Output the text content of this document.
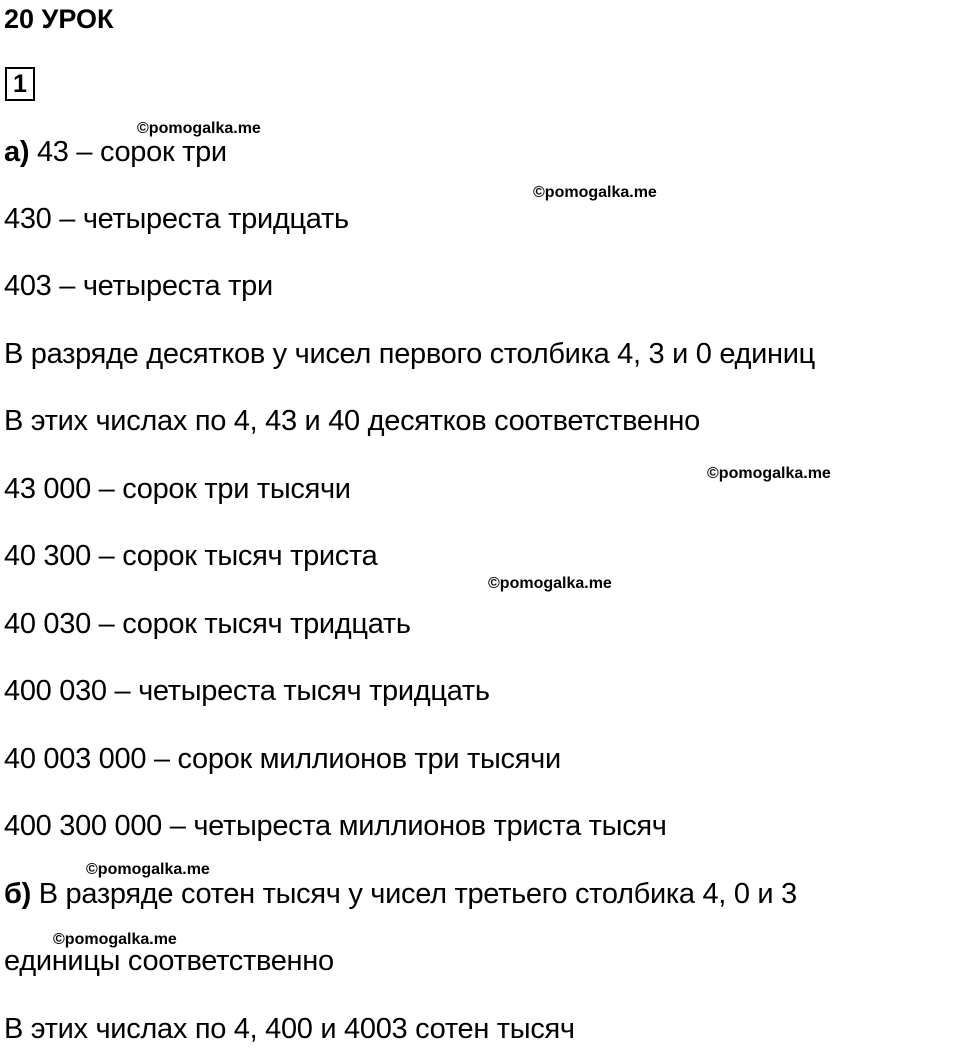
20 УРОК
1
а) 43 – сорок три
430 – четыреста тридцать
403 – четыреста три
В разряде десятков у чисел первого столбика 4, 3 и 0 единиц
В этих числах по 4, 43 и 40 десятков соответственно
43 000 – сорок три тысячи
40 300 – сорок тысяч триста
40 030 – сорок тысяч тридцать
400 030 – четыреста тысяч тридцать
40 003 000 – сорок миллионов три тысячи
400 300 000 – четыреста миллионов триста тысяч
б) В разряде сотен тысяч у чисел третьего столбика 4, 0 и 3
единицы соответственно
В этих числах по 4, 400 и 4003 сотен тысяч
©pomogalka.me
©pomogalka.me
©pomogalka.me
©pomogalka.me
©pomogalka.me
©pomogalka.me
